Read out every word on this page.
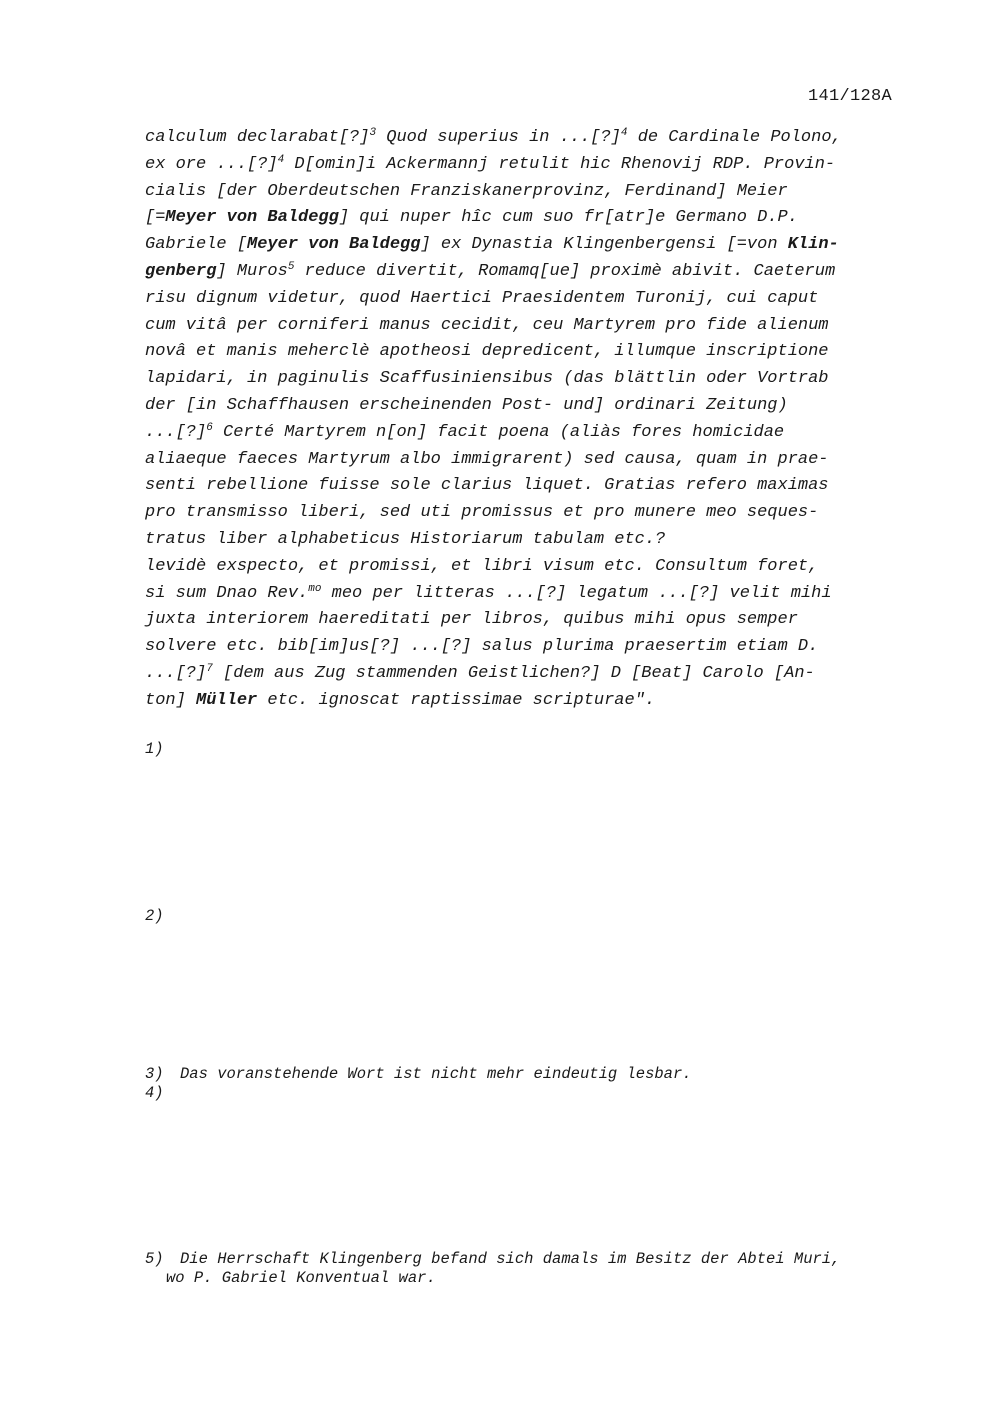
141/128A
calculum declarabat[?]$^3$ Quod superius in ...[?]$^4$ de Cardinale Polono,
ex ore ...[?]$^4$ D[omin]i Ackermannj retulit hic Rhenovij RDP. Provin-
cialis [der Oberdeutschen Franziskanerprovinz, Ferdinand] Meier
[=Meyer von Baldegg] qui nuper hîc cum suo fr[atr]e Germano D.P.
Gabriele [Meyer von Baldegg] ex Dynastia Klingenbergensi [=von Klin-
genberg] Muros$^5$ reduce divertit, Romamq[ue] proximè abivit. Caeterum
risu dignum videtur, quod Haertici Praesidentem Turonij, cui caput
cum vitâ per corniferi manus cecidit, ceu Martyrem pro fide alienum
novâ et manis meherclè apotheosi depredicent, illumque inscriptione
lapidari, in paginulis Scaffusiniensibus (das blättlin oder Vortrab
der [in Schaffhausen erscheinenden Post- und] ordinari Zeitung)
...[?]$^6$ Certé Martyrem n[on] facit poena (aliàs fores homicidae
aliaeque faeces Martyrum albo immigrarent) sed causa, quam in prae-
senti rebellione fuisse sole clarius liquet. Gratias refero maximas
pro transmisso liberi, sed uti promissus et pro munere meo seques-
tratus liber alphabeticus Historiarum tabulam etc.?
levidè exspecto, et promissi, et libri visum etc. Consultum foret,
si sum Dnao Rev.$^{mo}$ meo per litteras ...[?] legatum ...[?] velit mihi
juxta interiorem haereditati per libros, quibus mihi opus semper
solvere etc. bib[im]us[?] ...[?] salus plurima praesertim etiam D.
...[?]$^7$ [dem aus Zug stammenden Geistlichen?] D [Beat] Carolo [An-
ton] Müller etc. ignoscat raptissimae scripturae".
1)
2)
3) Das voranstehende Wort ist nicht mehr eindeutig lesbar.
4)
5) Die Herrschaft Klingenberg befand sich damals im Besitz der Abtei Muri,
wo P. Gabriel Konventual war.
